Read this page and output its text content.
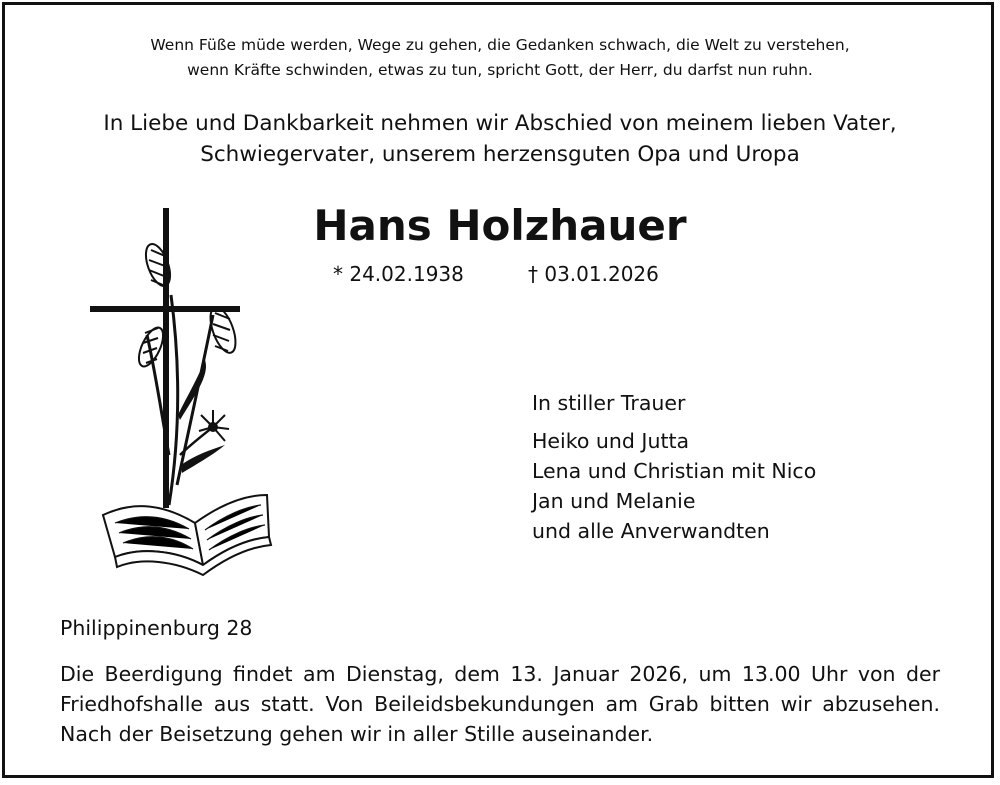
Wenn Füße müde werden, Wege zu gehen, die Gedanken schwach, die Welt zu verstehen,
wenn Kräfte schwinden, etwas zu tun, spricht Gott, der Herr, du darfst nun ruhn.
In Liebe und Dankbarkeit nehmen wir Abschied von meinem lieben Vater,
Schwiegervater, unserem herzensguten Opa und Uropa
Hans Holzhauer
* 24.02.1938	† 03.01.2026
In stiller Trauer
Heiko und Jutta
Lena und Christian mit Nico
Jan und Melanie
und alle Anverwandten
Philippinenburg 28
Die Beerdigung findet am Dienstag, dem 13. Januar 2026, um 13.00 Uhr von der Friedhofshalle aus statt. Von Beileidsbekundungen am Grab bitten wir abzusehen. Nach der Beisetzung gehen wir in aller Stille auseinander.
